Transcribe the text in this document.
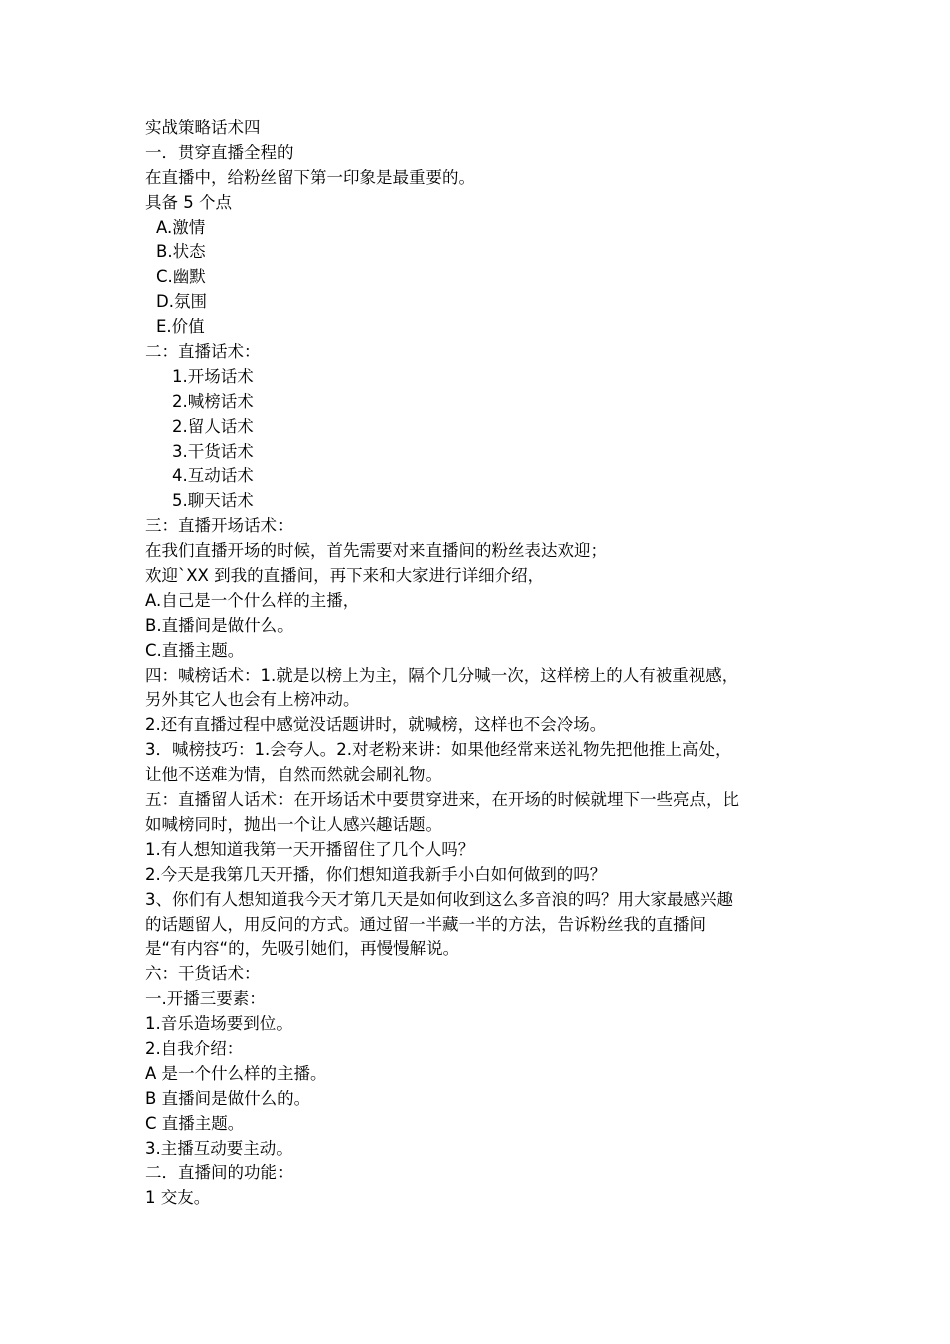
实战策略话术四
一．贯穿直播全程的
在直播中，给粉丝留下第一印象是最重要的。
具备 5 个点
A.激情
B.状态
C.幽默
D.氛围
E.价值
二：直播话术：
1.开场话术
2.喊榜话术
2.留人话术
3.干货话术
4.互动话术
5.聊天话术
三：直播开场话术：
在我们直播开场的时候，首先需要对来直播间的粉丝表达欢迎；
欢迎`XX 到我的直播间，再下来和大家进行详细介绍，
A.自己是一个什么样的主播，
B.直播间是做什么。
C.直播主题。
四：喊榜话术：1.就是以榜上为主，隔个几分喊一次，这样榜上的人有被重视感，
另外其它人也会有上榜冲动。
2.还有直播过程中感觉没话题讲时，就喊榜，这样也不会冷场。
3．喊榜技巧：1.会夸人。2.对老粉来讲：如果他经常来送礼物先把他推上高处，
让他不送难为情，自然而然就会刷礼物。
五：直播留人话术：在开场话术中要贯穿进来，在开场的时候就埋下一些亮点，比
如喊榜同时，抛出一个让人感兴趣话题。
1.有人想知道我第一天开播留住了几个人吗？
2.今天是我第几天开播，你们想知道我新手小白如何做到的吗？
3、你们有人想知道我今天才第几天是如何收到这么多音浪的吗？用大家最感兴趣
的话题留人，用反问的方式。通过留一半藏一半的方法，告诉粉丝我的直播间
是“有内容“的，先吸引她们，再慢慢解说。
六：干货话术：
一.开播三要素：
1.音乐造场要到位。
2.自我介绍：
A 是一个什么样的主播。
B 直播间是做什么的。
C 直播主题。
3.主播互动要主动。
二．直播间的功能：
1 交友。
